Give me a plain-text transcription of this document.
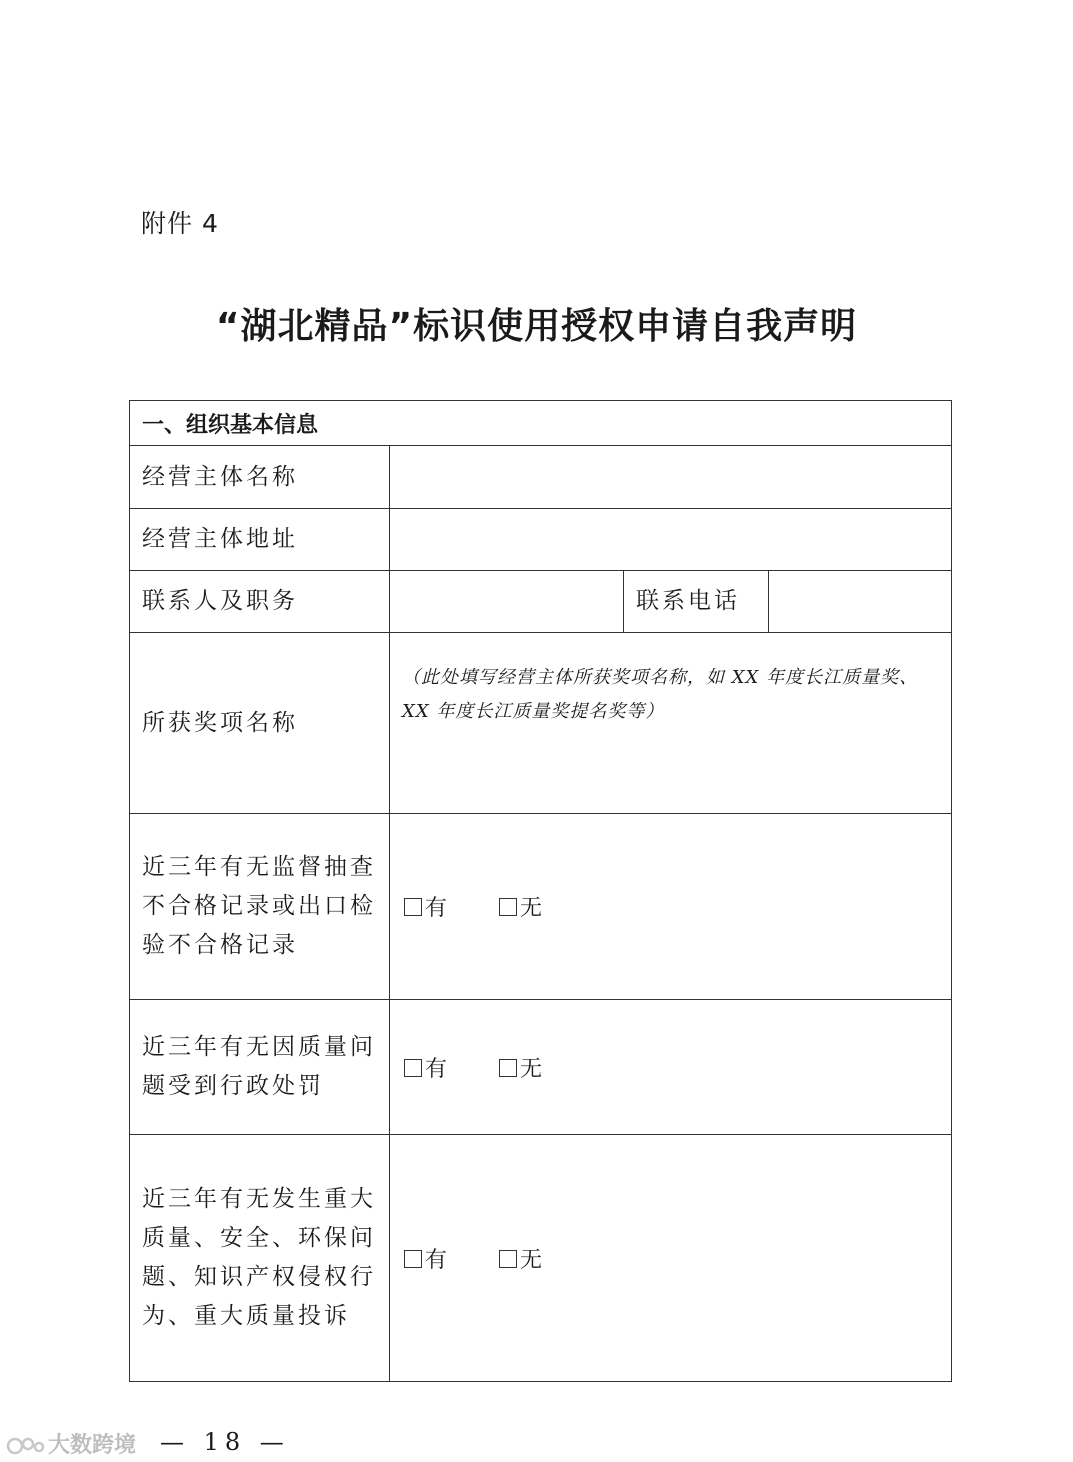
附件 4
“湖北精品”标识使用授权申请自我声明
一、组织基本信息			
经营主体名称			
经营主体地址			
联系人及职务		联系电话	
所获奖项名称	（此处填写经营主体所获奖项名称，如 XX 年度长江质量奖、XX 年度长江质量奖提名奖等）		
近三年有无监督抽查不合格记录或出口检验不合格记录	有 无		
近三年有无因质量问题受到行政处罚	有 无		
近三年有无发生重大质量、安全、环保问题、知识产权侵权行为、重大质量投诉	有 无		
大数跨境 — 18 —
